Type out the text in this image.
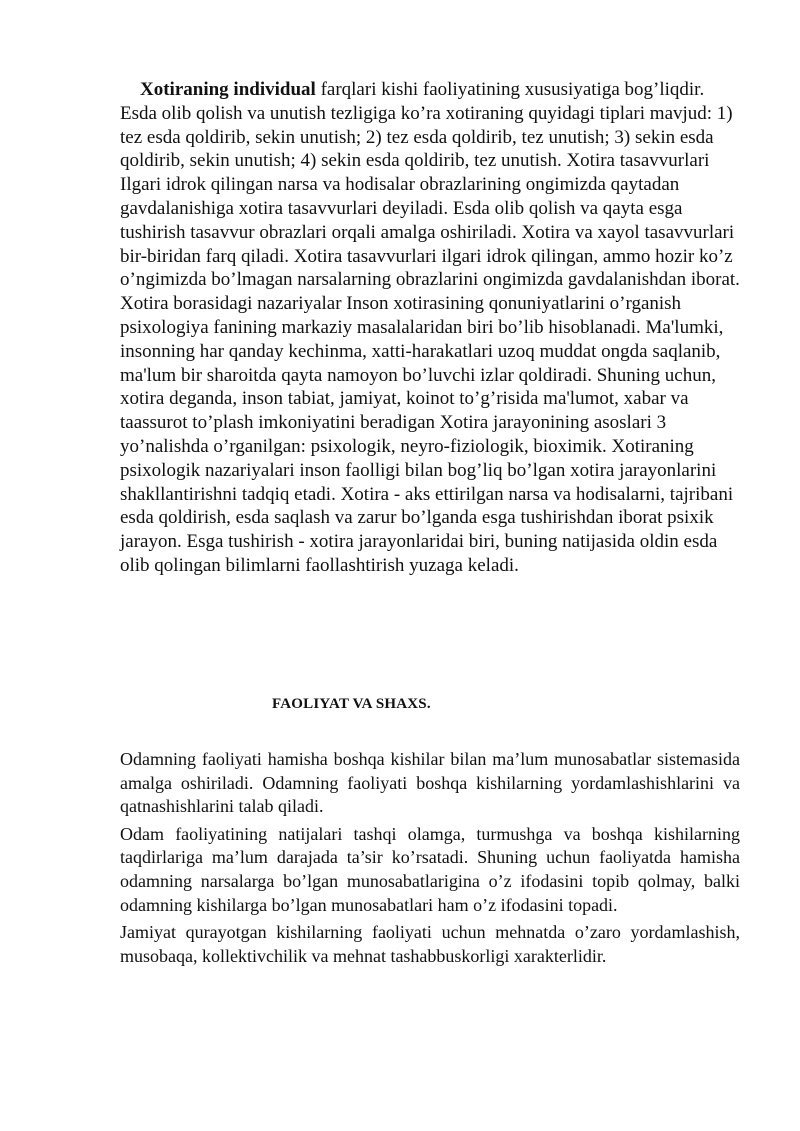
Xotiraning individual farqlari kishi faoliyatining xususiyatiga bog’liqdir. Esda olib qolish va unutish tezligiga ko’ra xotiraning quyidagi tiplari mavjud: 1) tez esda qoldirib, sekin unutish; 2) tez esda qoldirib, tez unutish; 3) sekin esda qoldirib, sekin unutish; 4) sekin esda qoldirib, tez unutish. Xotira tasavvurlari Ilgari idrok qilingan narsa va hodisalar obrazlarining ongimizda qaytadan gavdalanishiga xotira tasavvurlari deyiladi. Esda olib qolish va qayta esga tushirish tasavvur obrazlari orqali amalga oshiriladi. Xotira va xayol tasavvurlari bir-biridan farq qiladi. Xotira tasavvurlari ilgari idrok qilingan, ammo hozir ko’z o’ngimizda bo’lmagan narsalarning obrazlarini ongimizda gavdalanishdan iborat. Xotira borasidagi nazariyalar Inson xotirasining qonuniyatlarini o’rganish psixologiya fanining markaziy masalalaridan biri bo’lib hisoblanadi. Ma'lumki, insonning har qanday kechinma, xatti-harakatlari uzoq muddat ongda saqlanib, ma'lum bir sharoitda qayta namoyon bo’luvchi izlar qoldiradi. Shuning uchun, xotira deganda, inson tabiat, jamiyat, koinot to’g’risida ma'lumot, xabar va taassurot to’plash imkoniyatini beradigan Xotira jarayonining asoslari 3 yo’nalishda o’rganilgan: psixologik, neyro-fiziologik, bioximik. Xotiraning psixologik nazariyalari inson faolligi bilan bog’liq bo’lgan xotira jarayonlarini shakllantirishni tadqiq etadi. Xotira - aks ettirilgan narsa va hodisalarni, tajribani esda qoldirish, esda saqlash va zarur bo’lganda esga tushirishdan iborat psixik jarayon. Esga tushirish - xotira jarayonlaridai biri, buning natijasida oldin esda olib qolingan bilimlarni faollashtirish yuzaga keladi.

FAOLIYAT VA SHAXS.

Odamning faoliyati hamisha boshqa kishilar bilan ma’lum munosabatlar sistemasida amalga oshiriladi. Odamning faoliyati boshqa kishilarning yordamlashishlarini va qatnashishlarini talab qiladi.

Odam faoliyatining natijalari tashqi olamga, turmushga va boshqa kishilarning taqdirlariga ma’lum darajada ta’sir ko’rsatadi. Shuning uchun faoliyatda hamisha odamning narsalarga bo’lgan munosabatlarigina o’z ifodasini topib qolmay, balki odamning kishilarga bo’lgan munosabatlari ham o’z ifodasini topadi.

Jamiyat qurayotgan kishilarning faoliyati uchun mehnatda o’zaro yordamlashish, musobaqa, kollektivchilik va mehnat tashabbuskorligi xarakterlidir.
